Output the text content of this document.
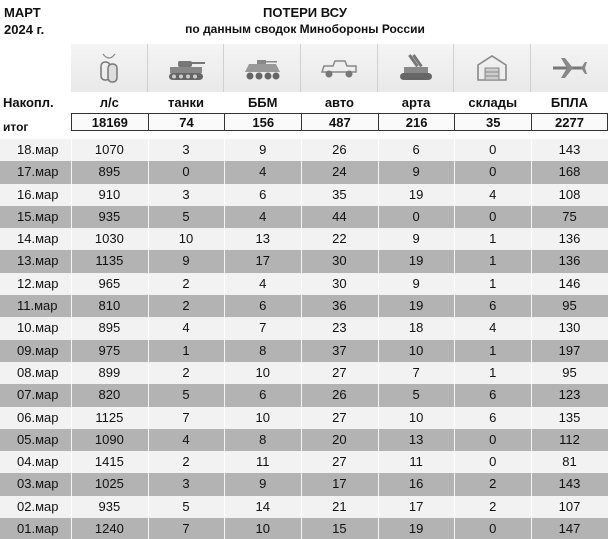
МАРТ
2024 г.
ПОТЕРИ ВСУ
по данным сводок Минобороны России
Накопл.	л/с	танки	ББМ	авто	арта	склады	БПЛА
итог	18169	74	156	487	216	35	2277
18.мар	1070	3	9	26	6	0	143
17.мар	895	0	4	24	9	0	168
16.мар	910	3	6	35	19	4	108
15.мар	935	5	4	44	0	0	75
14.мар	1030	10	13	22	9	1	136
13.мар	1135	9	17	30	19	1	136
12.мар	965	2	4	30	9	1	146
11.мар	810	2	6	36	19	6	95
10.мар	895	4	7	23	18	4	130
09.мар	975	1	8	37	10	1	197
08.мар	899	2	10	27	7	1	95
07.мар	820	5	6	26	5	6	123
06.мар	1125	7	10	27	10	6	135
05.мар	1090	4	8	20	13	0	112
04.мар	1415	2	11	27	11	0	81
03.мар	1025	3	9	17	16	2	143
02.мар	935	5	14	21	17	2	107
01.мар	1240	7	10	15	19	0	147
